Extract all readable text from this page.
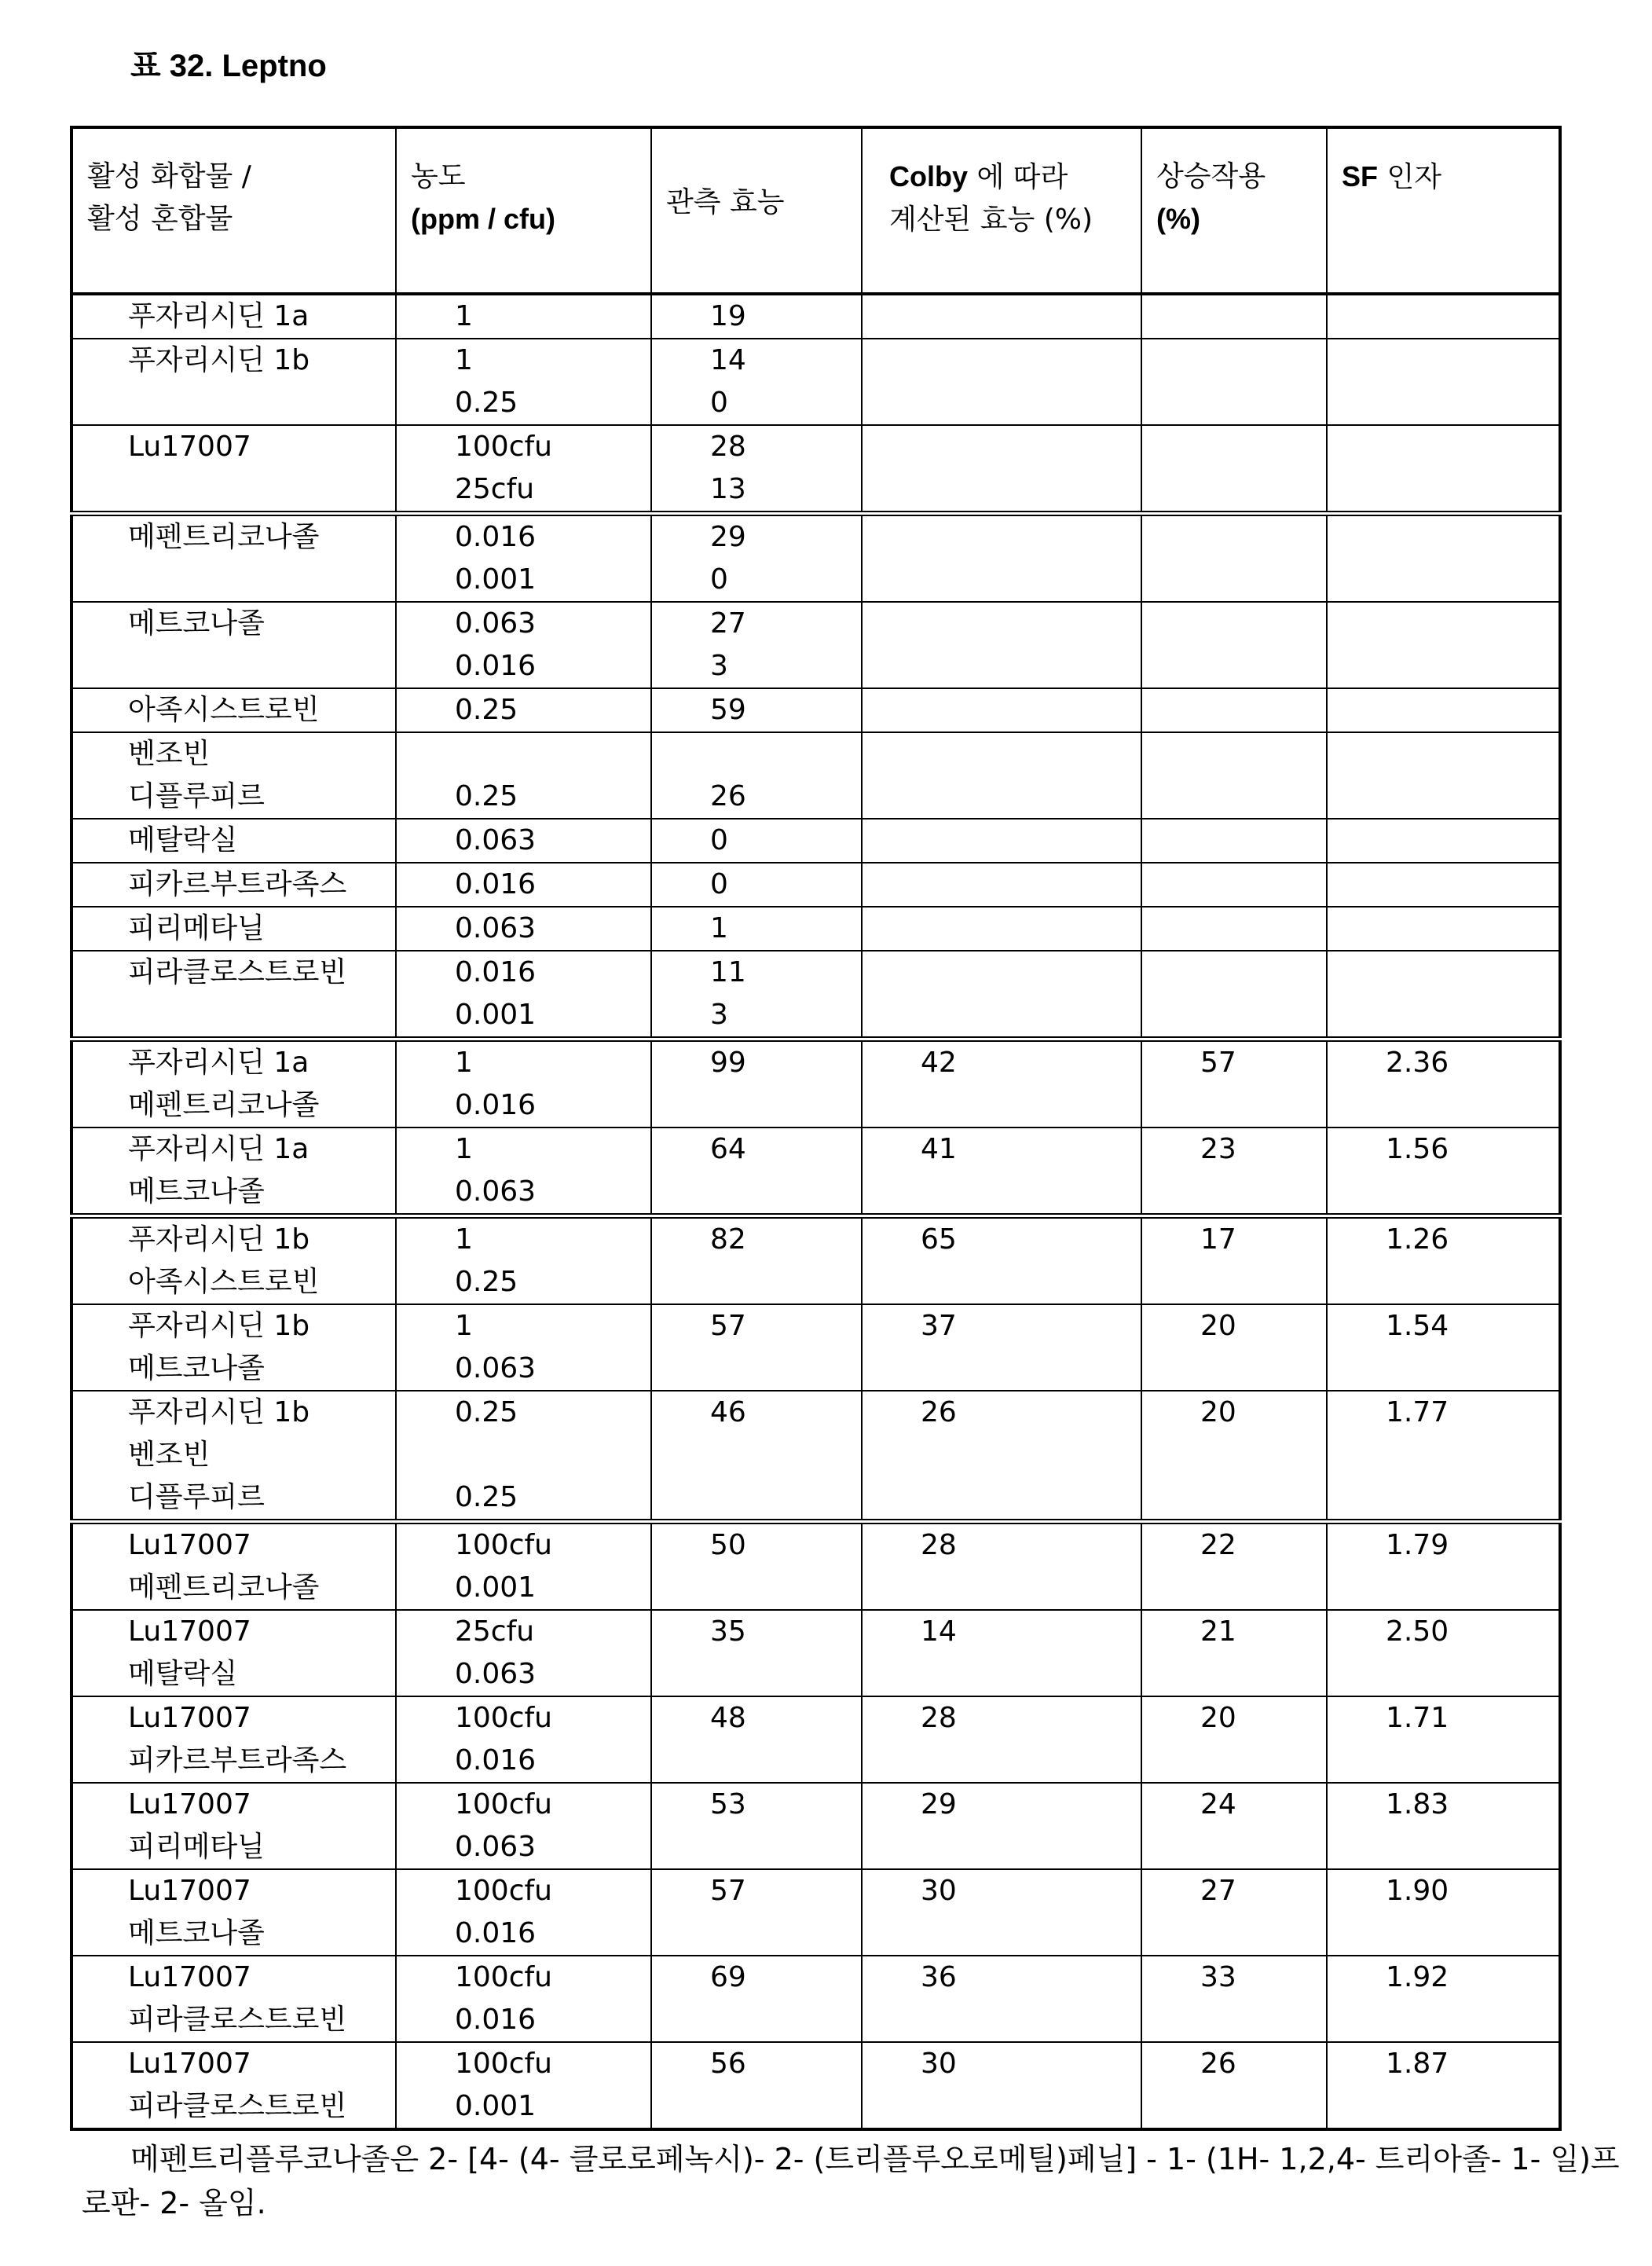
표 32. Leptno
활성 화합물 /
활성 혼합물	농도
(ppm / cfu)	관측 효능	Colby 에 따라
계산된 효능 (%)	상승작용
(%)	SF 인자

푸자리시딘 1a	1	19

푸자리시딘 1b	1
0.25

14
0

Lu17007	100cfu
25cfu

28
13

메펜트리코나졸	0.016
0.001

29
0

메트코나졸	0.063
0.016

27
3

아족시스트로빈	0.25	59

벤조빈
디플루피르	0.25	26

메탈락실	0.063	0

피카르부트라족스	0.016	0

피리메타닐	0.063	1

피라클로스트로빈	0.016
0.001

11
3

푸자리시딘 1a
메펜트리코나졸

1
0.016

99	42	57	2.36

푸자리시딘 1a
메트코나졸

1
0.063

64	41	23	1.56

푸자리시딘 1b
아족시스트로빈

1
0.25

82	65	17	1.26

푸자리시딘 1b
메트코나졸

1
0.063

57	37	20	1.54

푸자리시딘 1b
벤조빈
디플루피르

0.25
0.25

46	26	20	1.77

Lu17007
메펜트리코나졸

100cfu
0.001

50	28	22	1.79

Lu17007
메탈락실

25cfu
0.063

35	14	21	2.50

Lu17007
피카르부트라족스

100cfu
0.016

48	28	20	1.71

Lu17007
피리메타닐

100cfu
0.063

53	29	24	1.83

Lu17007
메트코나졸

100cfu
0.016

57	30	27	1.90

Lu17007
피라클로스트로빈

100cfu
0.016

69	36	33	1.92

Lu17007
피라클로스트로빈

100cfu
0.001

56	30	26	1.87
메펜트리플루코나졸은 2- [4- (4- 클로로페녹시)- 2- (트리플루오로메틸)페닐] - 1- (1H- 1,2,4- 트리아졸- 1- 일)프로판- 2- 올임.
